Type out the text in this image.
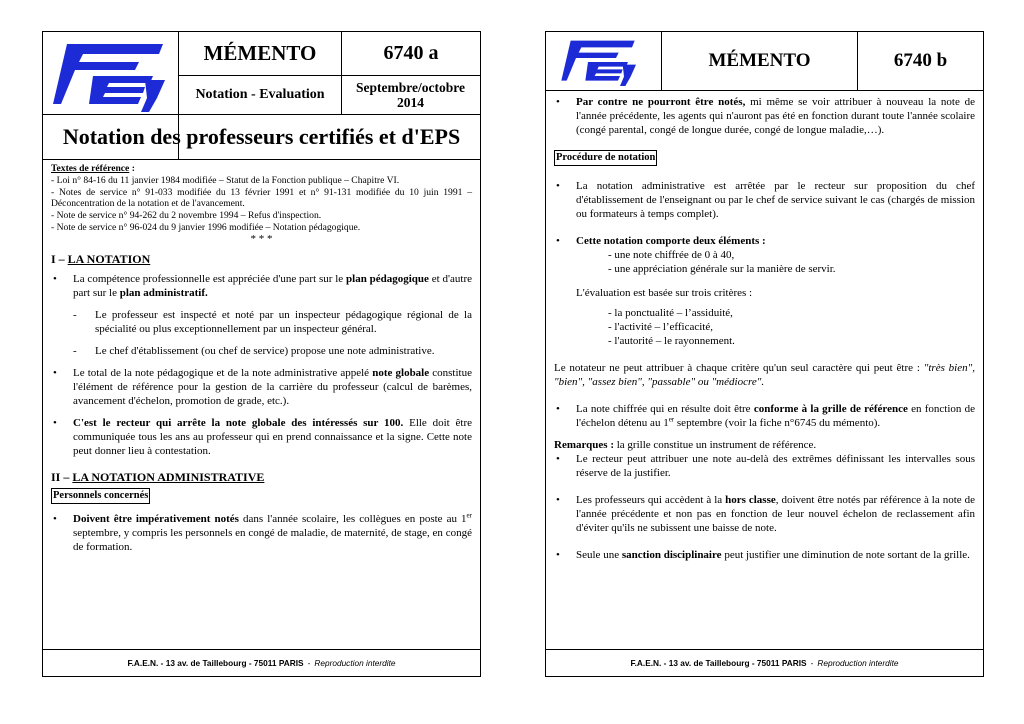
MÉMENTO	6740 a
Notation - Evaluation	Septembre/octobre 2014
Notation des professeurs certifiés et d'EPS

Textes de référence :

- Loi n° 84-16 du 11 janvier 1984 modifiée – Statut de la Fonction publique – Chapitre VI.

- Notes de service n° 91-033 modifiée du 13 février 1991 et n° 91-131 modifiée du 10 juin 1991 – Déconcentration de la notation et de l'avancement.

- Note de service n° 94-262 du 2 novembre 1994 – Refus d'inspection.

- Note de service n° 96-024 du 9 janvier 1996 modifiée – Notation pédagogique.

* * *

I – LA NOTATION

• La compétence professionnelle est appréciée d'une part sur le plan pédagogique et d'autre part sur le plan administratif.

- Le professeur est inspecté et noté par un inspecteur pédagogique régional de la spécialité ou plus exceptionnellement par un inspecteur général.

- Le chef d'établissement (ou chef de service) propose une note administrative.

• Le total de la note pédagogique et de la note administrative appelé note globale constitue l'élément de référence pour la gestion de la carrière du professeur (calcul de barèmes, avancement d'échelon, promotion de grade, etc.).

• C'est le recteur qui arrête la note globale des intéressés sur 100. Elle doit être communiquée tous les ans au professeur qui en prend connaissance et la signe. Cette note peut donner lieu à contestation.

II – LA NOTATION ADMINISTRATIVE

Personnels concernés

• Doivent être impérativement notés dans l'année scolaire, les collègues en poste au 1er septembre, y compris les personnels en congé de maladie, de maternité, de stage, en congé de formation.

F.A.E.N. - 13 av. de Taillebourg - 75011 PARIS - Reproduction interdite
MÉMENTO	6740 b

• Par contre ne pourront être notés, mi même se voir attribuer à nouveau la note de l'année précédente, les agents qui n'auront pas été en fonction durant toute l'année scolaire (congé parental, congé de longue durée, congé de longue maladie,…).

Procédure de notation

• La notation administrative est arrêtée par le recteur sur proposition du chef d'établissement de l'enseignant ou par le chef de service suivant le cas (chargés de mission ou formateurs à temps complet).

• Cette notation comporte deux éléments :

- une note chiffrée de 0 à 40,

- une appréciation générale sur la manière de servir.

L'évaluation est basée sur trois critères :

- la ponctualité – l’assiduité,

- l'activité – l’efficacité,

- l'autorité – le rayonnement.

Le notateur ne peut attribuer à chaque critère qu'un seul caractère qui peut être : "très bien", "bien", "assez bien", "passable" ou "médiocre".

• La note chiffrée qui en résulte doit être conforme à la grille de référence en fonction de l'échelon détenu au 1er septembre (voir la fiche n°6745 du mémento).

Remarques : la grille constitue un instrument de référence.

• Le recteur peut attribuer une note au-delà des extrêmes définissant les intervalles sous réserve de la justifier.

• Les professeurs qui accèdent à la hors classe, doivent être notés par référence à la note de l'année précédente et non pas en fonction de leur nouvel échelon de reclassement afin d'éviter qu'ils ne subissent une baisse de note.

• Seule une sanction disciplinaire peut justifier une diminution de note sortant de la grille.

F.A.E.N. - 13 av. de Taillebourg - 75011 PARIS - Reproduction interdite
